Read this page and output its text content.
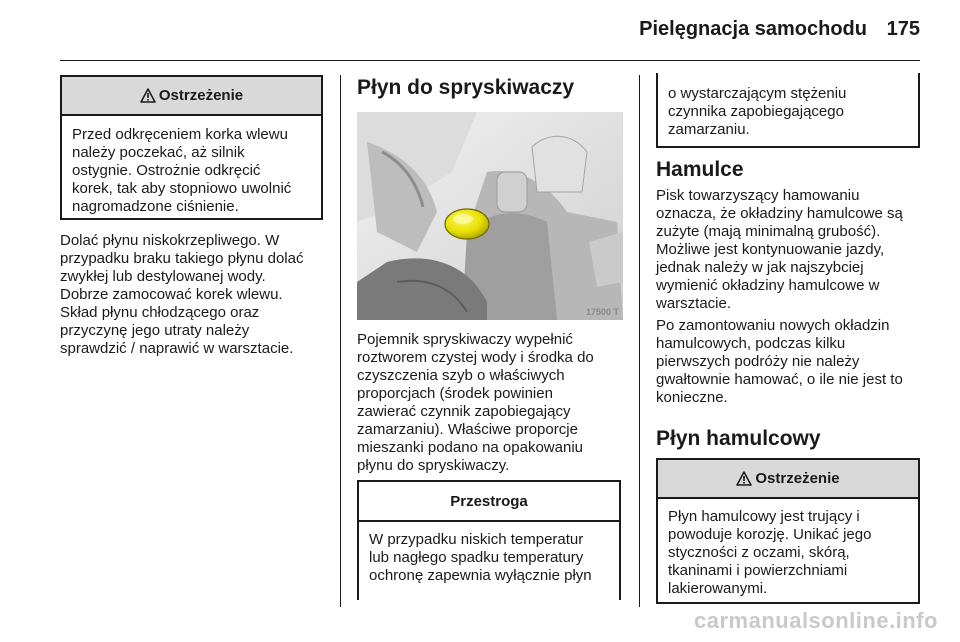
Pielęgnacja samochodu 175
Ostrzeżenie
Przed odkręceniem korka wlewu
należy poczekać, aż silnik
ostygnie. Ostrożnie odkręcić
korek, tak aby stopniowo uwolnić
nagromadzone ciśnienie.
Dolać płynu niskokrzepliwego. W
przypadku braku takiego płynu dolać
zwykłej lub destylowanej wody.
Dobrze zamocować korek wlewu.
Skład płynu chłodzącego oraz
przyczynę jego utraty należy
sprawdzić / naprawić w warsztacie.
Płyn do spryskiwaczy
17500 T
Pojemnik spryskiwaczy wypełnić
roztworem czystej wody i środka do
czyszczenia szyb o właściwych
proporcjach (środek powinien
zawierać czynnik zapobiegający
zamarzaniu). Właściwe proporcje
mieszanki podano na opakowaniu
płynu do spryskiwaczy.
Przestroga
W przypadku niskich temperatur
lub nagłego spadku temperatury
ochronę zapewnia wyłącznie płyn
o wystarczającym stężeniu
czynnika zapobiegającego
zamarzaniu.
Hamulce
Pisk towarzyszący hamowaniu
oznacza, że okładziny hamulcowe są
zużyte (mają minimalną grubość).
Możliwe jest kontynuowanie jazdy,
jednak należy w jak najszybciej
wymienić okładziny hamulcowe w
warsztacie.
Po zamontowaniu nowych okładzin
hamulcowych, podczas kilku
pierwszych podróży nie należy
gwałtownie hamować, o ile nie jest to
konieczne.
Płyn hamulcowy
Ostrzeżenie
Płyn hamulcowy jest trujący i
powoduje korozję. Unikać jego
styczności z oczami, skórą,
tkaninami i powierzchniami
lakierowanymi.
carmanualsonline.info
